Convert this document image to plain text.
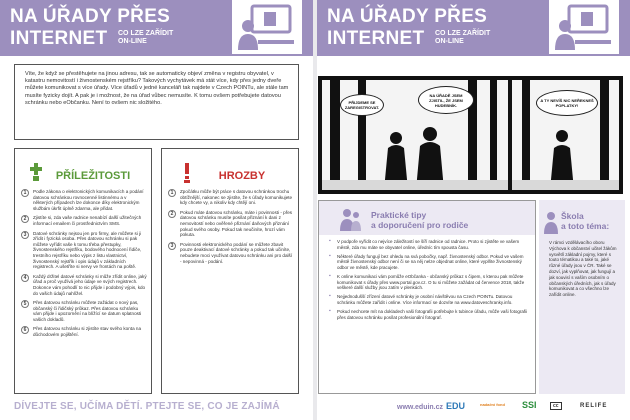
NA ÚŘADY PŘES
INTERNET CO LZE ZAŘÍDIT
ON-LINE
Víte, že když se přestěhujete na jinou adresu, tak se automaticky objeví změna v registru obyvatel, v katastru nemovitostí i živnostenském rejstříku? Takových vychytávek má stát více, kdy přes jedny dveře můžete komunikovat s více úřady. Více úřadů v jedné kanceláři tak najdete v Czech POINTu, ale stále tam musíte fyzicky dojít. A pak je i možnost, že na úřad vůbec nemusíte. K tomu ovšem potřebujete datovou schránku nebo eObčanku. Není to ovšem nic složitého.
PŘÍLEŽITOSTI
1	Podle zákona o elektronických komunikacích a podání datovou schránkou rovnocenné listinnému a v některých případech lze dokonce díky elektronickým službám úkrfit úplně zdarma, ale přidat.
2	Zjistíte si, zda vaše radnice nenabízí další užitečných informací emailem či prostřednictvím SMS.
3	Datové schránky nejsou jen pro firmy, ale můžete si ji zřídit i fyzická osoba. Přes datovou schránku si pak můžete vyřídit vaše k tomu třeba přestupky, živnostenského rejstříku, bodového hodnocení řidiče, trestního rejstříku nebo výpis z listu vlastnictví, živnostenský rejstřík i opis údajů v základních registrech. A ušetříte si nervy ve frontách na poště.
4	Každý držitel datové schránky si může zřídit online, jaký úřad a proč využívá jeho údaje ve svých registrech. Dokonce vám pohodlí to nic přijde i podobný výpis, kdo do vašich údajů nahlížel.
5	Přes datovou schránku můžete zažádat o nový pas, občanský či řidičský průkaz. Přes datovou schránku vám přijde i upozornění na blížící se datum splatnosti vašich dokladů.
6	Přes datovou schránku si zjistíte stav svého konta na důchodovém pojištění.
HROZBY
1	Zpočátku může být práce s datovou schránkou trochu obtížnější, nakonec se zjistíte, že s úřady komunikujete kdy chcete vy, a nikoliv kdy chtějí oni.
2	Pokud máte datovou schránku, máte i povinnosti - přes datovou schránku musíte posílat přiznání k dani z nemovitostí nebo ověřené přiznání daňových přiznání pokud svého osoby. Pokud tak neučiníte, hrozí vám pokuta.
3	Povinnosti elektronického podání se můžete zbavit pouze deaktivací datové schránky a pokud tak učiníte, nebudete moci využívat datovou schránku ani pro další - nepovinná - podání.
DÍVEJTE SE, UČÍMA DĚTÍ. PTEJTE SE, CO JE ZAJÍMÁ
NA ÚŘADY PŘES
INTERNET CO LZE ZAŘÍDIT
ON-LINE
PŘIJDEME SE ZAREGISTROVAT.
NA ÚŘADĚ JSEM ZJISTIL, ŽE JSEM HUDEBNÍK.
A TY NEVÍŠ NIC NEŘEKNEŠ POPLATKY!
Praktické tipy
a doporučení pro rodiče
▪ V podpoře vyřídit co nejvíce záležitostí se šíří radnice od radnice. Proto si zjistěte ve vašem městě, zda mu máte se obyvatel online, úředníc tím spousta času.
▪ Některé úřady fungují bez ohledu na svá pobočky, např. živnostenský odbor. Pokud ve vašem městě živnostenský odbor není či se na něj nelze objednat online, které vyplňte živnostenský odbor ve městě, kde pracujete.
▪ K online komunikaci vám pomůže eObčanka - občanský průkaz s čipem, s kterou pak můžete komunikovat s úřady přes www.portal.gov.cz. O tu si můžete zažádat od července 2018, takže veškeré další služby jsou zatím v plenkách.
▪ Nejjednodušší zřízení datové schránky je osobní návštěvou na Czech POINTu. Datovou schránku můžete zařídit i online. Více informací se dozvíte na www.datoveschranky.info.
▪ Pokud nechcete mít na dokladech vaši fotografii potřebujte k tubince úřadu, může vaši fotografii přes datovou schránku posílat profesionální fotograf.
Škola
a toto téma:
V rámci vzdělávacího oboru Výchova k občanství učitel žákům vysvětlí základní pojmy, které s touto tématikou a také to, jaké různé úřady jsou v ČR. Také se dozví, jak vyplňovat, jak fungují a jak souvisí s vaším osobním o občanských úředních, jak s úřady komunikovat a co všechno lze zařídit online.
www.eduin.cz EDU	nadační fond SSI	cc	RELIFE
